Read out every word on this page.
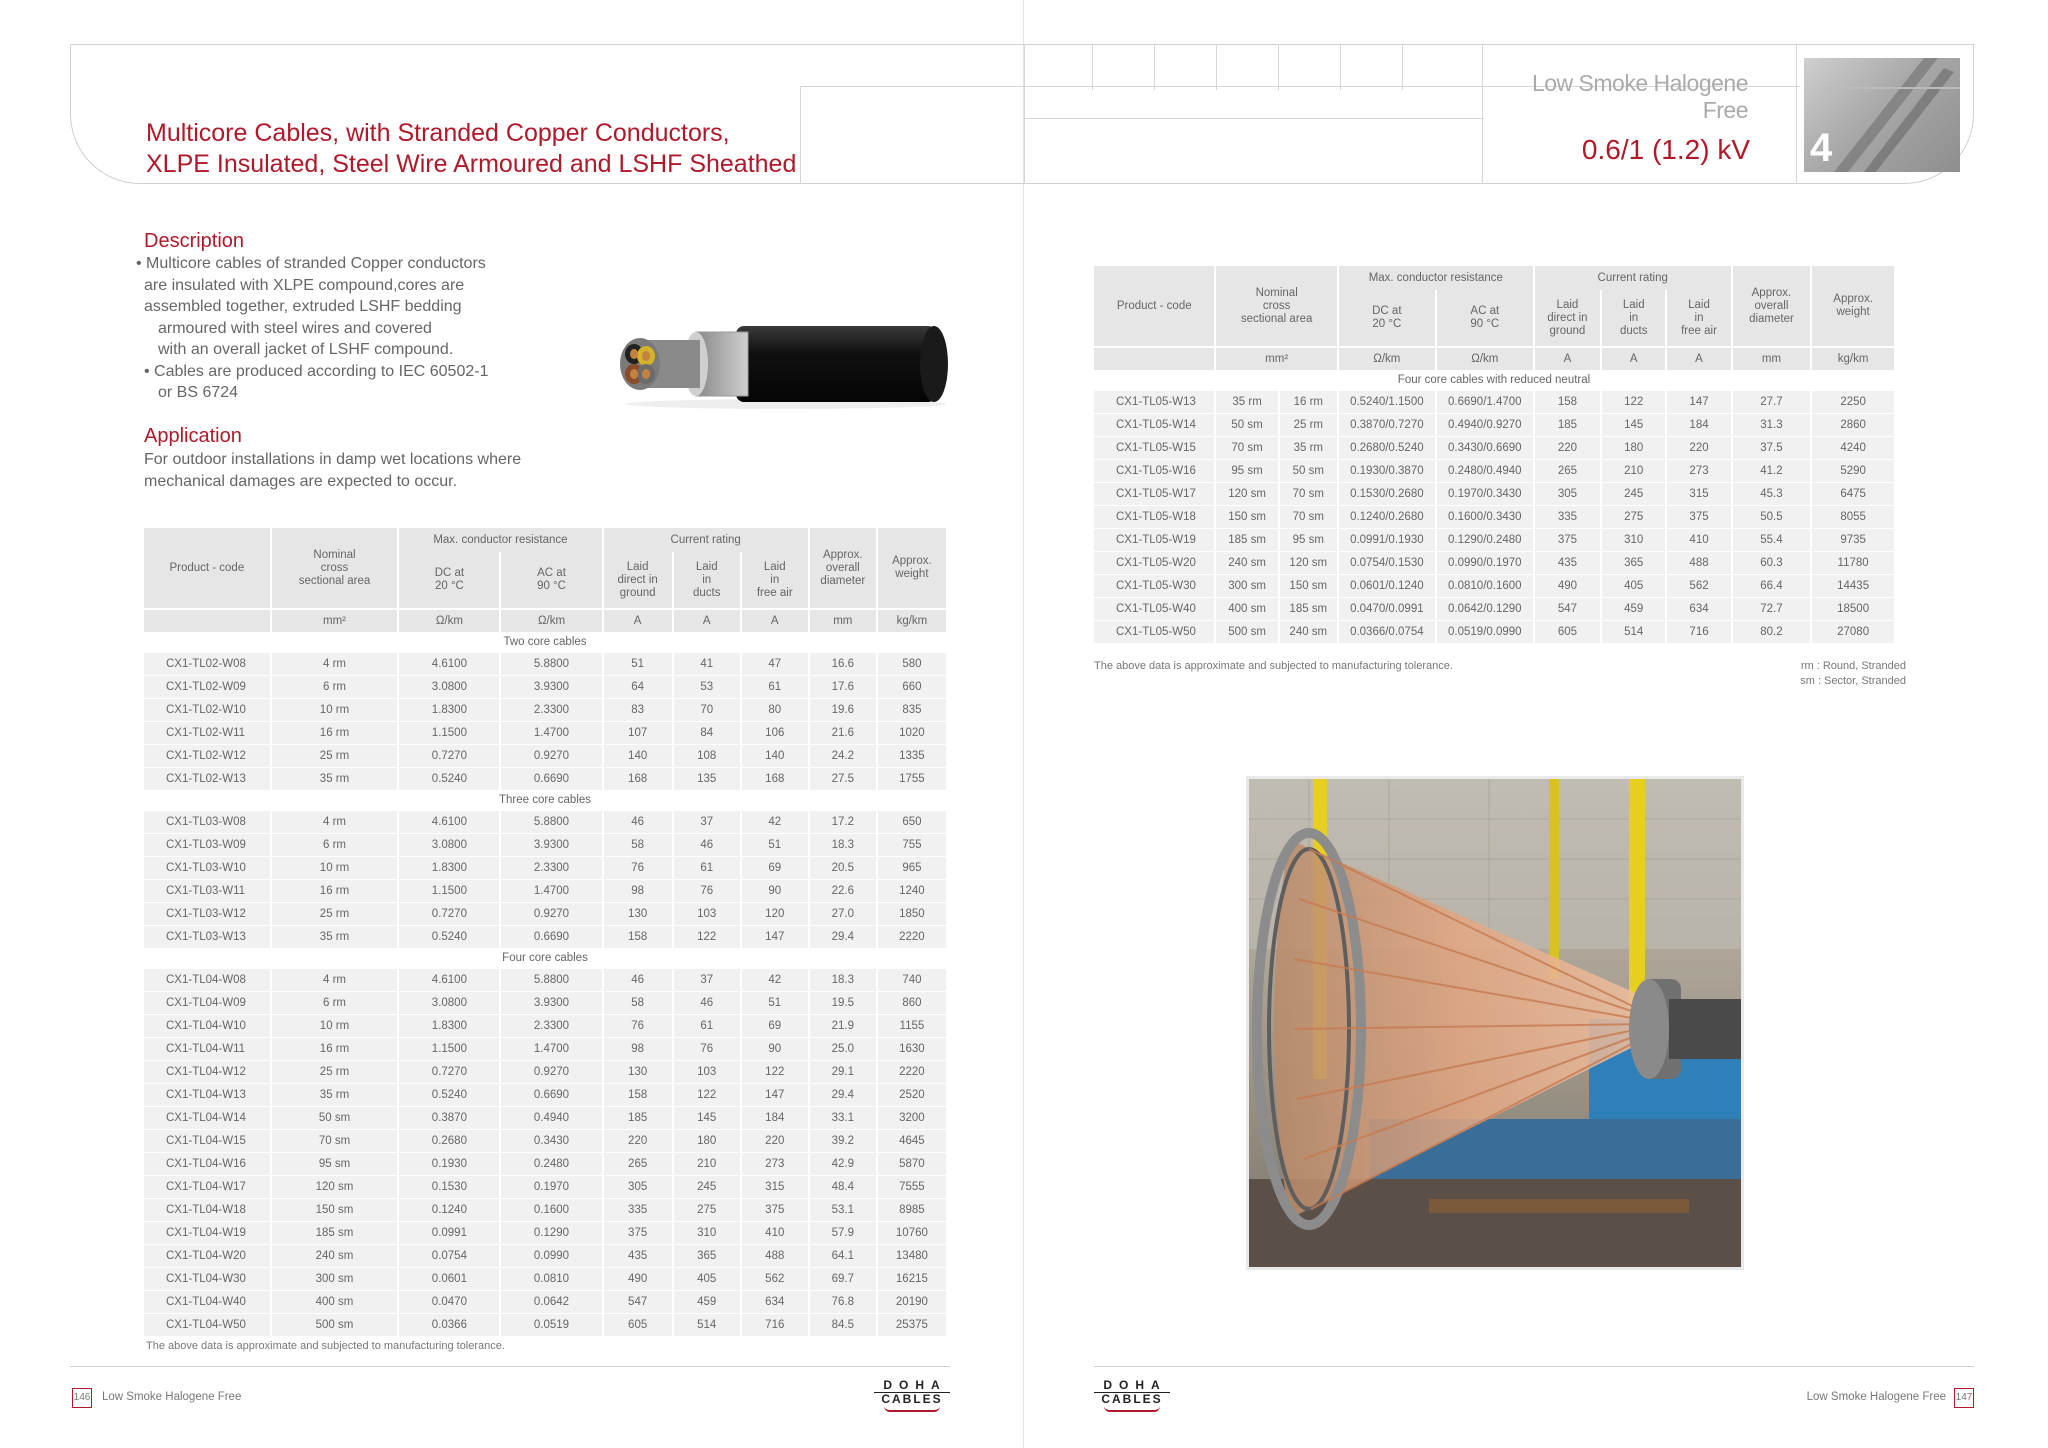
Multicore Cables, with Stranded Copper Conductors,
XLPE Insulated, Steel Wire Armoured and LSHF Sheathed
Low Smoke Halogene Free
0.6/1 (1.2) kV 4
Description
• Multicore cables of stranded Copper conductors
are insulated with XLPE compound,cores are
assembled together, extruded LSHF bedding
armoured with steel wires and covered
with an overall jacket of LSHF compound.
• Cables are produced according to IEC 60502-1
or BS 6724
Application
For outdoor installations in damp wet locations where
mechanical damages are expected to occur.
Product - code	Nominal
cross
sectional area	Max. conductor resistance		Current rating			Approx.
overall
diameter	Approx.
weight
		DC at
20 °C	AC at
90 °C	Laid
direct in
ground	Laid
in
ducts	Laid
in
free air		
	mm²	Ω/km	Ω/km	A	A	A	mm	kg/km
Two core cables								
CX1-TL02-W08	4 rm	4.6100	5.8800	51	41	47	16.6	580
CX1-TL02-W09	6 rm	3.0800	3.9300	64	53	61	17.6	660
CX1-TL02-W10	10 rm	1.8300	2.3300	83	70	80	19.6	835
CX1-TL02-W11	16 rm	1.1500	1.4700	107	84	106	21.6	1020
CX1-TL02-W12	25 rm	0.7270	0.9270	140	108	140	24.2	1335
CX1-TL02-W13	35 rm	0.5240	0.6690	168	135	168	27.5	1755
Three core cables								
CX1-TL03-W08	4 rm	4.6100	5.8800	46	37	42	17.2	650
CX1-TL03-W09	6 rm	3.0800	3.9300	58	46	51	18.3	755
CX1-TL03-W10	10 rm	1.8300	2.3300	76	61	69	20.5	965
CX1-TL03-W11	16 rm	1.1500	1.4700	98	76	90	22.6	1240
CX1-TL03-W12	25 rm	0.7270	0.9270	130	103	120	27.0	1850
CX1-TL03-W13	35 rm	0.5240	0.6690	158	122	147	29.4	2220
Four core cables								
CX1-TL04-W08	4 rm	4.6100	5.8800	46	37	42	18.3	740
CX1-TL04-W09	6 rm	3.0800	3.9300	58	46	51	19.5	860
CX1-TL04-W10	10 rm	1.8300	2.3300	76	61	69	21.9	1155
CX1-TL04-W11	16 rm	1.1500	1.4700	98	76	90	25.0	1630
CX1-TL04-W12	25 rm	0.7270	0.9270	130	103	122	29.1	2220
CX1-TL04-W13	35 rm	0.5240	0.6690	158	122	147	29.4	2520
CX1-TL04-W14	50 sm	0.3870	0.4940	185	145	184	33.1	3200
CX1-TL04-W15	70 sm	0.2680	0.3430	220	180	220	39.2	4645
CX1-TL04-W16	95 sm	0.1930	0.2480	265	210	273	42.9	5870
CX1-TL04-W17	120 sm	0.1530	0.1970	305	245	315	48.4	7555
CX1-TL04-W18	150 sm	0.1240	0.1600	335	275	375	53.1	8985
CX1-TL04-W19	185 sm	0.0991	0.1290	375	310	410	57.9	10760
CX1-TL04-W20	240 sm	0.0754	0.0990	435	365	488	64.1	13480
CX1-TL04-W30	300 sm	0.0601	0.0810	490	405	562	69.7	16215
CX1-TL04-W40	400 sm	0.0470	0.0642	547	459	634	76.8	20190
CX1-TL04-W50	500 sm	0.0366	0.0519	605	514	716	84.5	25375
The above data is approximate and subjected to manufacturing tolerance.
Product - code	Nominal
cross
sectional area		Max. conductor resistance		Current rating			Approx.
overall
diameter	Approx.
weight
			DC at
20 °C	AC at
90 °C	Laid
direct in
ground	Laid
in
ducts	Laid
in
free air		
	mm²		Ω/km	Ω/km	A	A	A	mm	kg/km
Four core cables with reduced neutral									
CX1-TL05-W13	35 rm	16 rm	0.5240/1.1500	0.6690/1.4700	158	122	147	27.7	2250
CX1-TL05-W14	50 sm	25 rm	0.3870/0.7270	0.4940/0.9270	185	145	184	31.3	2860
CX1-TL05-W15	70 sm	35 rm	0.2680/0.5240	0.3430/0.6690	220	180	220	37.5	4240
CX1-TL05-W16	95 sm	50 sm	0.1930/0.3870	0.2480/0.4940	265	210	273	41.2	5290
CX1-TL05-W17	120 sm	70 sm	0.1530/0.2680	0.1970/0.3430	305	245	315	45.3	6475
CX1-TL05-W18	150 sm	70 sm	0.1240/0.2680	0.1600/0.3430	335	275	375	50.5	8055
CX1-TL05-W19	185 sm	95 sm	0.0991/0.1930	0.1290/0.2480	375	310	410	55.4	9735
CX1-TL05-W20	240 sm	120 sm	0.0754/0.1530	0.0990/0.1970	435	365	488	60.3	11780
CX1-TL05-W30	300 sm	150 sm	0.0601/0.1240	0.0810/0.1600	490	405	562	66.4	14435
CX1-TL05-W40	400 sm	185 sm	0.0470/0.0991	0.0642/0.1290	547	459	634	72.7	18500
CX1-TL05-W50	500 sm	240 sm	0.0366/0.0754	0.0519/0.0990	605	514	716	80.2	27080
The above data is approximate and subjected to manufacturing tolerance.	rm : Round, Stranded
sm : Sector, Stranded
146 Low Smoke Halogene Free
DOHA
CABLES
DOHA
CABLES	Low Smoke Halogene Free 147
